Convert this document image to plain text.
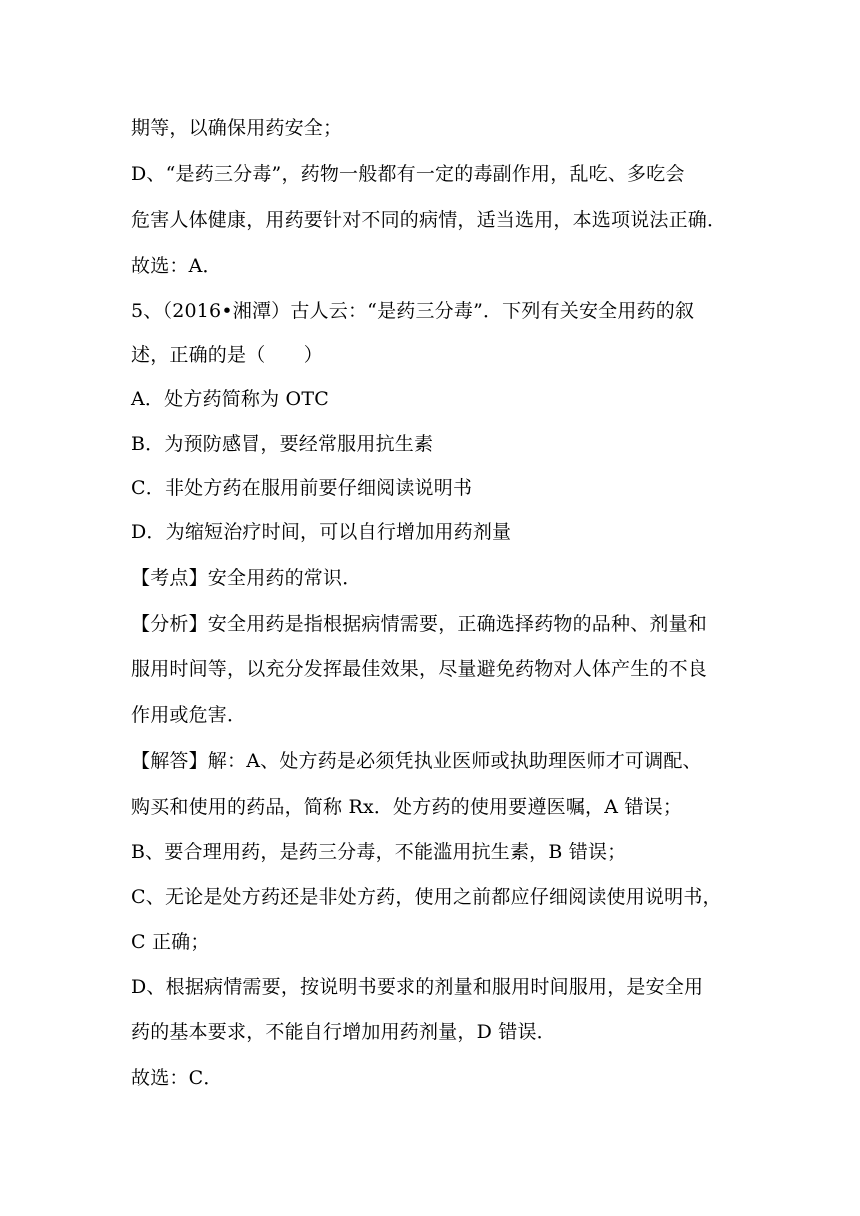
期等，以确保用药安全；
D、“是药三分毒”，药物一般都有一定的毒副作用，乱吃、多吃会
危害人体健康，用药要针对不同的病情，适当选用，本选项说法正确．
故选：A．
5、（2016•湘潭）古人云：“是药三分毒”．下列有关安全用药的叙
述，正确的是（　　）
A．处方药简称为 OTC
B．为预防感冒，要经常服用抗生素
C．非处方药在服用前要仔细阅读说明书
D．为缩短治疗时间，可以自行增加用药剂量
【考点】安全用药的常识．
【分析】安全用药是指根据病情需要，正确选择药物的品种、剂量和
服用时间等，以充分发挥最佳效果，尽量避免药物对人体产生的不良
作用或危害．
【解答】解：A、处方药是必须凭执业医师或执助理医师才可调配、
购买和使用的药品，简称 Rx．处方药的使用要遵医嘱，A 错误；
B、要合理用药，是药三分毒，不能滥用抗生素，B 错误；
C、无论是处方药还是非处方药，使用之前都应仔细阅读使用说明书，
C 正确；
D、根据病情需要，按说明书要求的剂量和服用时间服用，是安全用
药的基本要求，不能自行增加用药剂量，D 错误．
故选：C．
